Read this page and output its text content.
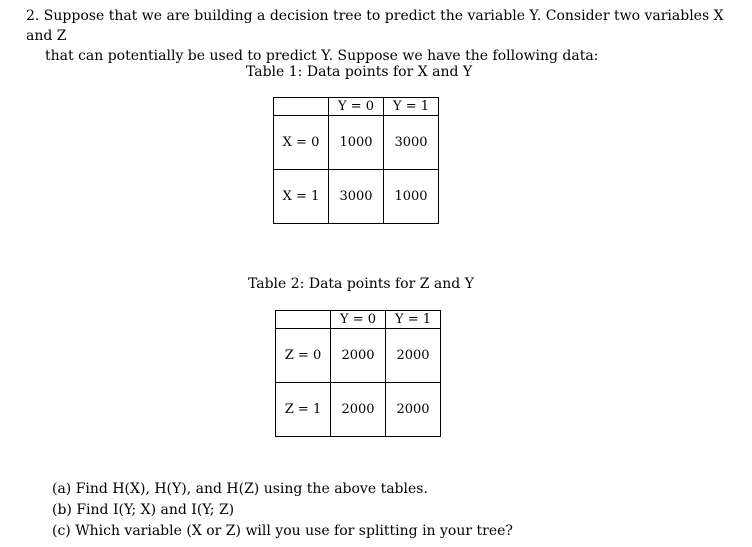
2. Suppose that we are building a decision tree to predict the variable Y. Consider two variables X and Z
that can potentially be used to predict Y. Suppose we have the following data:
Table 1: Data points for X and Y
	Y = 0	Y = 1
X = 0	1000	3000
X = 1	3000	1000
Table 2: Data points for Z and Y
	Y = 0	Y = 1
Z = 0	2000	2000
Z = 1	2000	2000
(a) Find H(X), H(Y), and H(Z) using the above tables.
(b) Find I(Y; X) and I(Y; Z)
(c) Which variable (X or Z) will you use for splitting in your tree?
